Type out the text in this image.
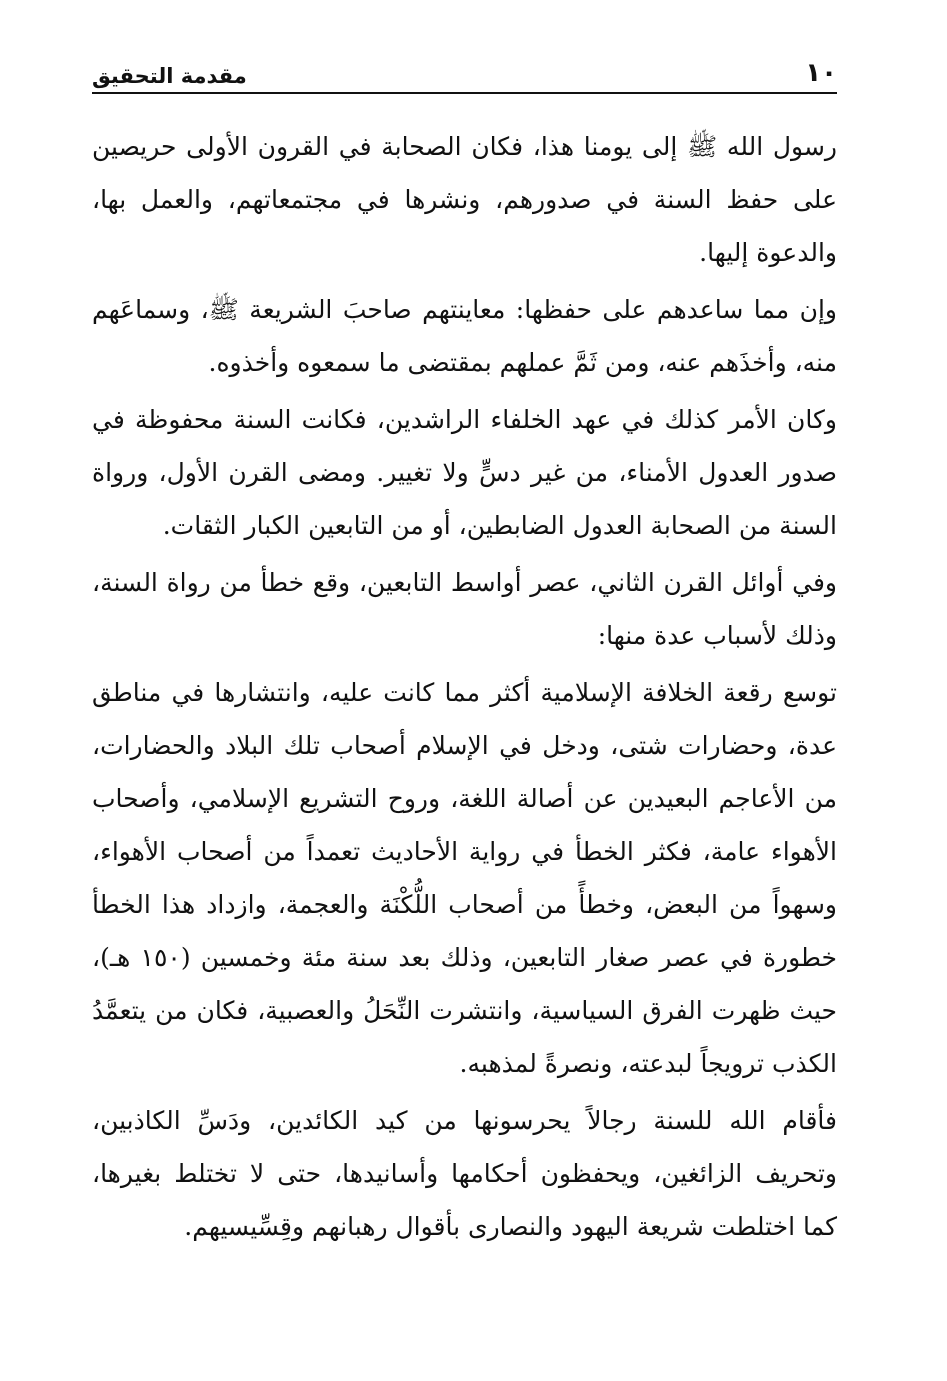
١٠
مقدمة التحقيق

رسول الله ﷺ إلى يومنا هذا، فكان الصحابة في القرون الأولى حريصين على حفظ السنة في صدورهم، ونشرها في مجتمعاتهم، والعمل بها، والدعوة إليها.

وإن مما ساعدهم على حفظها: معاينتهم صاحبَ الشريعة ﷺ، وسماعَهم منه، وأخذَهم عنه، ومن ثَمَّ عملهم بمقتضى ما سمعوه وأخذوه.

وكان الأمر كذلك في عهد الخلفاء الراشدين، فكانت السنة محفوظة في صدور العدول الأمناء، من غير دسٍّ ولا تغيير. ومضى القرن الأول، ورواة السنة من الصحابة العدول الضابطين، أو من التابعين الكبار الثقات.

وفي أوائل القرن الثاني، عصر أواسط التابعين، وقع خطأ من رواة السنة، وذلك لأسباب عدة منها:

توسع رقعة الخلافة الإسلامية أكثر مما كانت عليه، وانتشارها في مناطق عدة، وحضارات شتى، ودخل في الإسلام أصحاب تلك البلاد والحضارات، من الأعاجم البعيدين عن أصالة اللغة، وروح التشريع الإسلامي، وأصحاب الأهواء عامة، فكثر الخطأ في رواية الأحاديث تعمداً من أصحاب الأهواء، وسهواً من البعض، وخطأً من أصحاب اللُّكْنَة والعجمة، وازداد هذا الخطأ خطورة في عصر صغار التابعين، وذلك بعد سنة مئة وخمسين (١٥٠ هـ)، حيث ظهرت الفرق السياسية، وانتشرت النِّحَلُ والعصبية، فكان من يتعمَّدُ الكذب ترويجاً لبدعته، ونصرةً لمذهبه.

فأقام الله للسنة رجالاً يحرسونها من كيد الكائدين، ودَسِّ الكاذبين، وتحريف الزائغين، ويحفظون أحكامها وأسانيدها، حتى لا تختلط بغيرها، كما اختلطت شريعة اليهود والنصارى بأقوال رهبانهم وقِسِّيسيهم.
